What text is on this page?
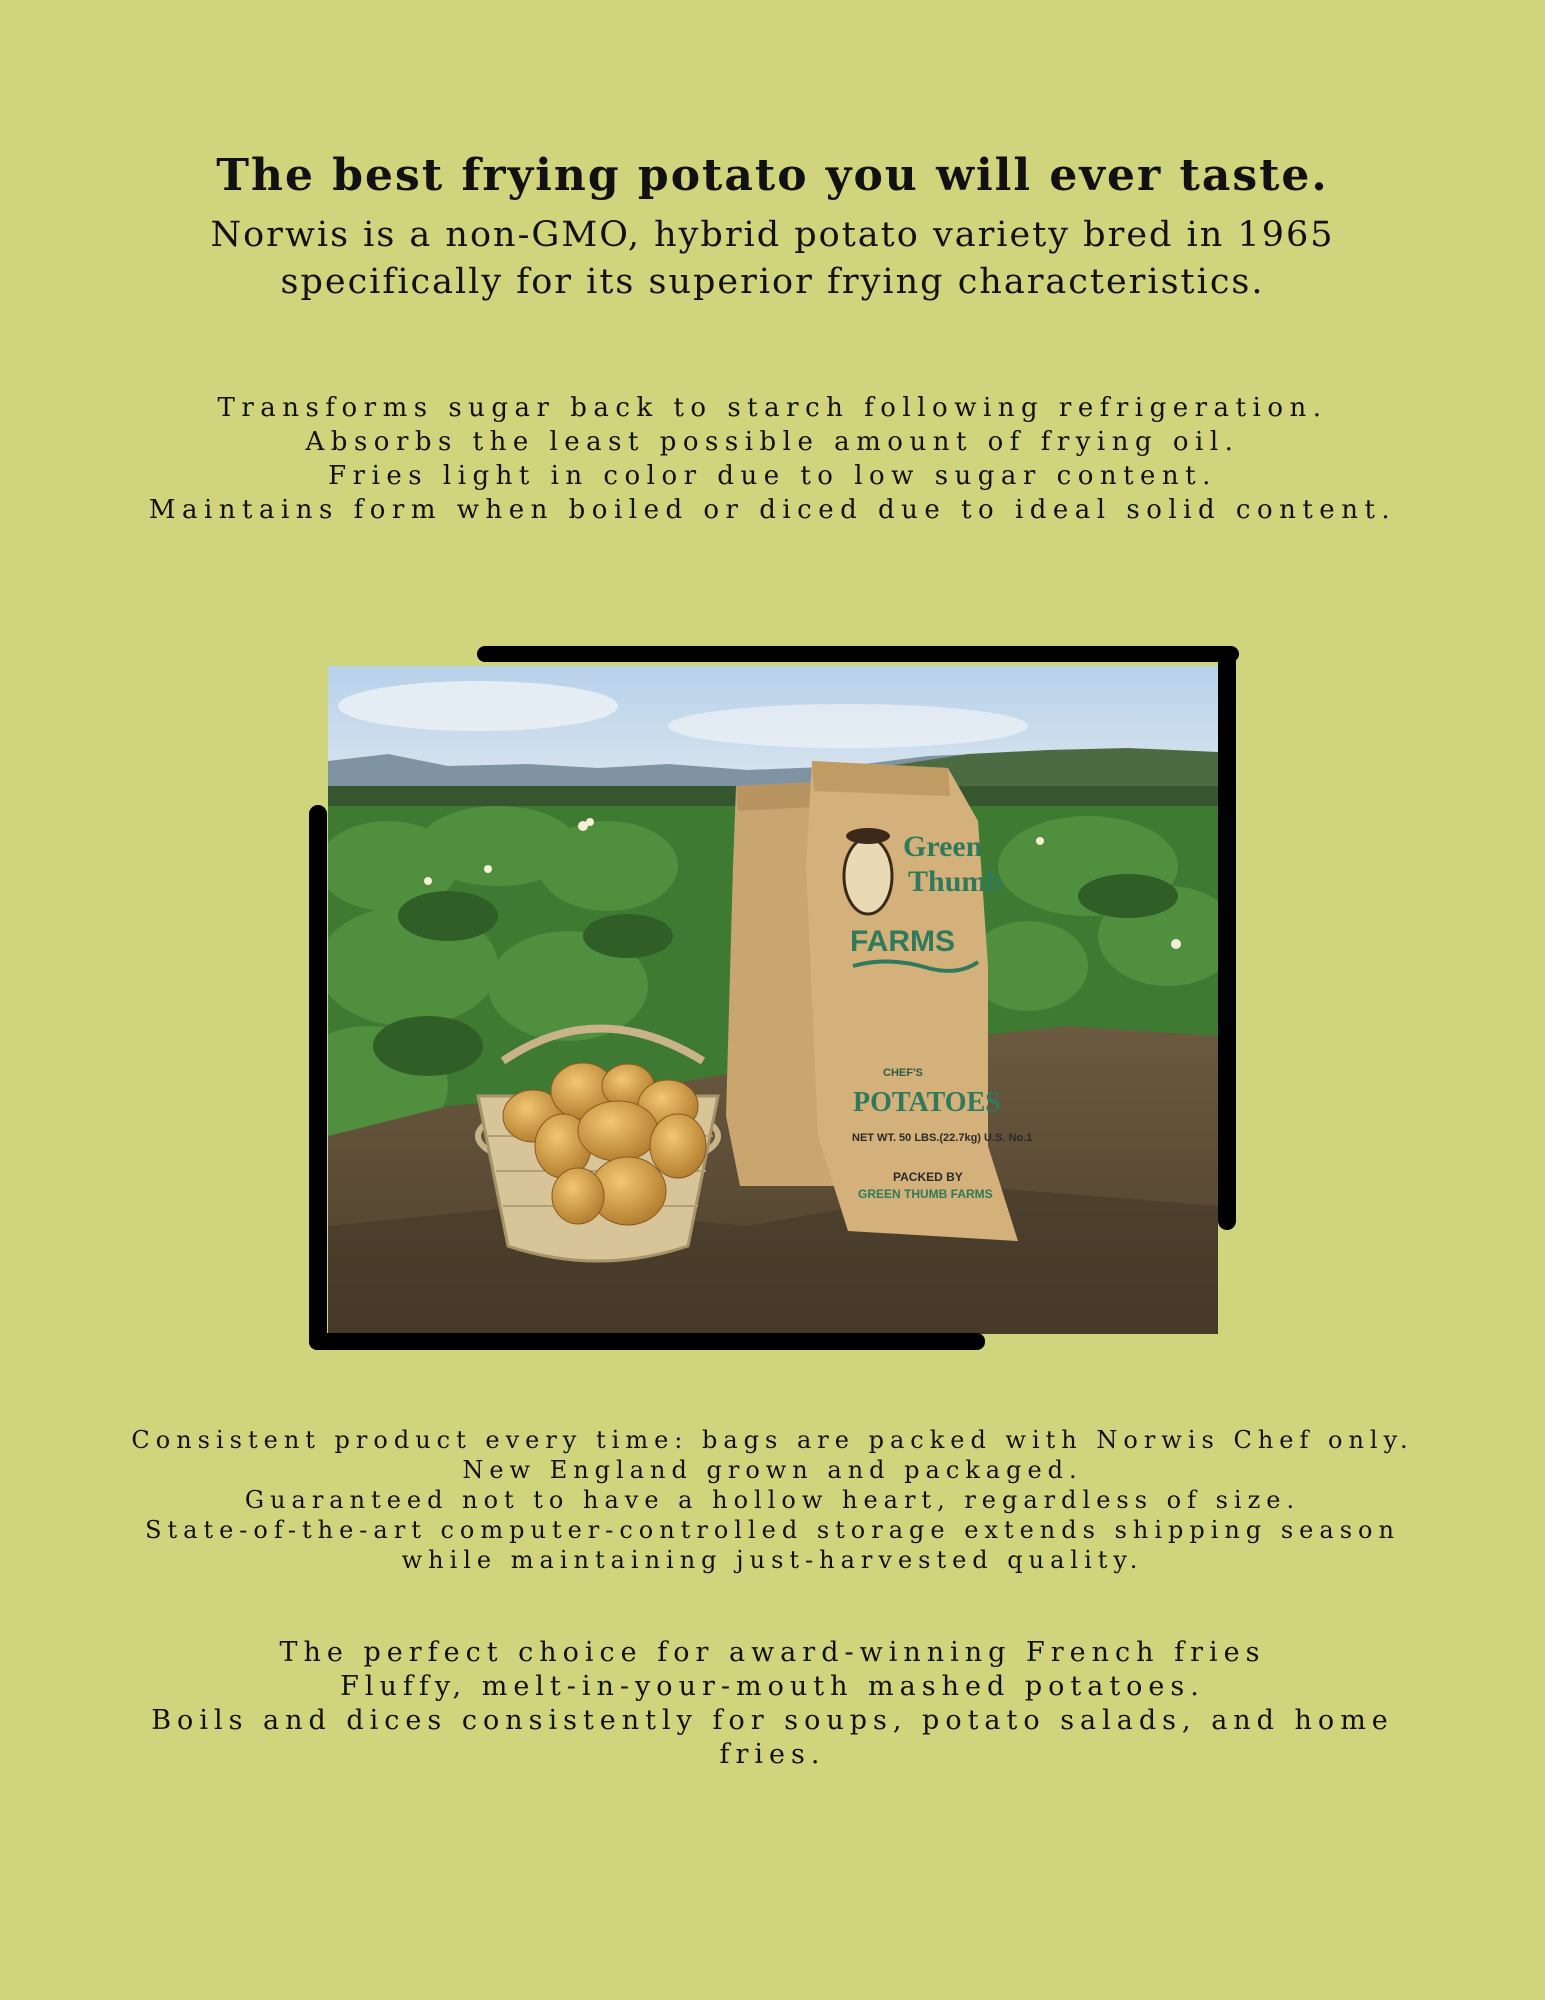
The best frying potato you will ever taste.
Norwis is a non-GMO, hybrid potato variety bred in 1965
specifically for its superior frying characteristics.
Transforms sugar back to starch following refrigeration.
Absorbs the least possible amount of frying oil.
Fries light in color due to low sugar content.
Maintains form when boiled or diced due to ideal solid content.
Green
Thumb
FARMS
CHEF'S
POTATOES
NET WT. 50 LBS.(22.7kg) U.S. No.1
PACKED BY
GREEN THUMB FARMS
Consistent product every time: bags are packed with Norwis Chef only.
New England grown and packaged.
Guaranteed not to have a hollow heart, regardless of size.
State-of-the-art computer-controlled storage extends shipping season
while maintaining just-harvested quality.
The perfect choice for award-winning French fries
Fluffy, melt-in-your-mouth mashed potatoes.
Boils and dices consistently for soups, potato salads, and home
fries.
